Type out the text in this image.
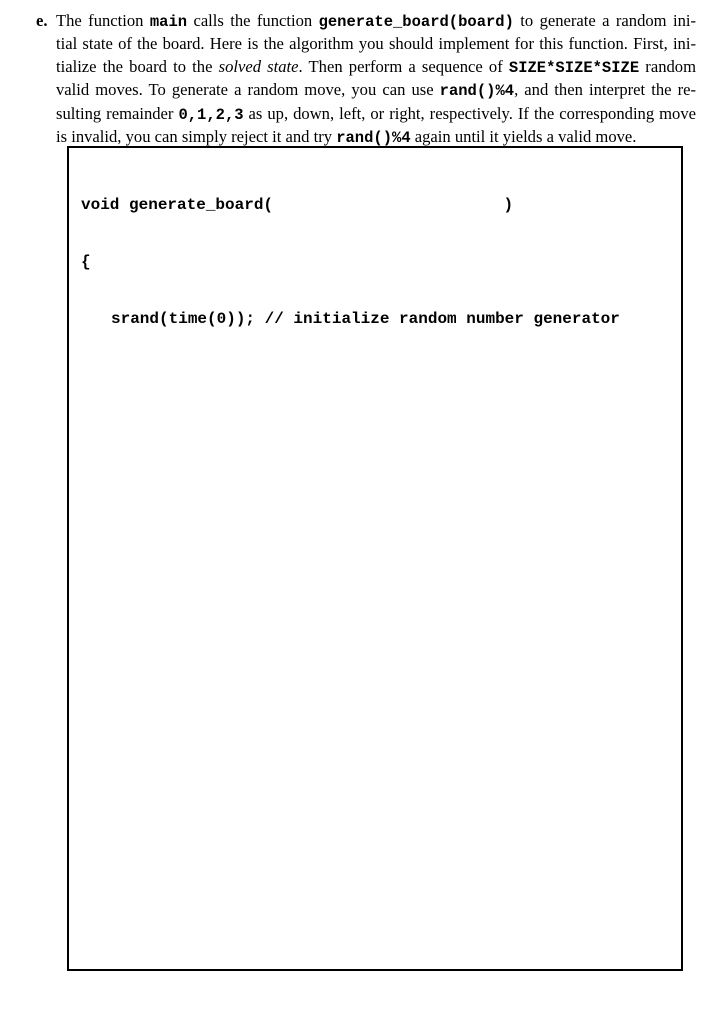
e. The function main calls the function generate_board(board) to generate a random ini-
tial state of the board. Here is the algorithm you should implement for this function. First, ini-
tialize the board to the solved state. Then perform a sequence of SIZE*SIZE*SIZE random
valid moves. To generate a random move, you can use rand()%4, and then interpret the re-
sulting remainder 0,1,2,3 as up, down, left, or right, respectively. If the corresponding move
is invalid, you can simply reject it and try rand()%4 again until it yields a valid move.

void generate_board(                        )

{

srand(time(0)); // initialize random number generator
